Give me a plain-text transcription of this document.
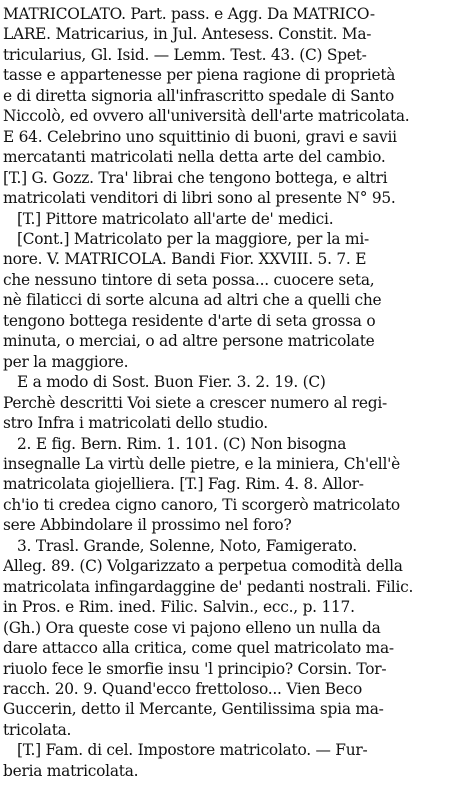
MATRICOLATO. Part. pass. e Agg. Da MATRICO-
LARE. Matricarius, in Jul. Antesess. Constit. Ma-
tricularius, Gl. Isid. — Lemm. Test. 43. (C) Spet-
tasse e appartenesse per piena ragione di proprietà
e di diretta signoria all'infrascritto spedale di Santo
Niccolò, ed ovvero all'università dell'arte matricolata.
E 64. Celebrino uno squittinio di buoni, gravi e savii
mercatanti matricolati nella detta arte del cambio.
[T.] G. Gozz. Tra' librai che tengono bottega, e altri
matricolati venditori di libri sono al presente N° 95.
[T.] Pittore matricolato all'arte de' medici.
[Cont.] Matricolato per la maggiore, per la mi-
nore. V. MATRICOLA. Bandi Fior. XXVIII. 5. 7. E
che nessuno tintore di seta possa... cuocere seta,
nè filaticci di sorte alcuna ad altri che a quelli che
tengono bottega residente d'arte di seta grossa o
minuta, o merciai, o ad altre persone matricolate
per la maggiore.
E a modo di Sost. Buon Fier. 3. 2. 19. (C)
Perchè descritti Voi siete a crescer numero al regi-
stro Infra i matricolati dello studio.
2. E fig. Bern. Rim. 1. 101. (C) Non bisogna
insegnalle La virtù delle pietre, e la miniera, Ch'ell'è
matricolata giojelliera. [T.] Fag. Rim. 4. 8. Allor-
ch'io ti credea cigno canoro, Ti scorgerò matricolato
sere Abbindolare il prossimo nel foro?
3. Trasl. Grande, Solenne, Noto, Famigerato.
Alleg. 89. (C) Volgarizzato a perpetua comodità della
matricolata infingardaggine de' pedanti nostrali. Filic.
in Pros. e Rim. ined. Filic. Salvin., ecc., p. 117.
(Gh.) Ora queste cose vi pajono elleno un nulla da
dare attacco alla critica, come quel matricolato ma-
riuolo fece le smorfie insu 'l principio? Corsin. Tor-
racch. 20. 9. Quand'ecco frettoloso... Vien Beco
Guccerin, detto il Mercante, Gentilissima spia ma-
tricolata.
[T.] Fam. di cel. Impostore matricolato. — Fur-
beria matricolata.
